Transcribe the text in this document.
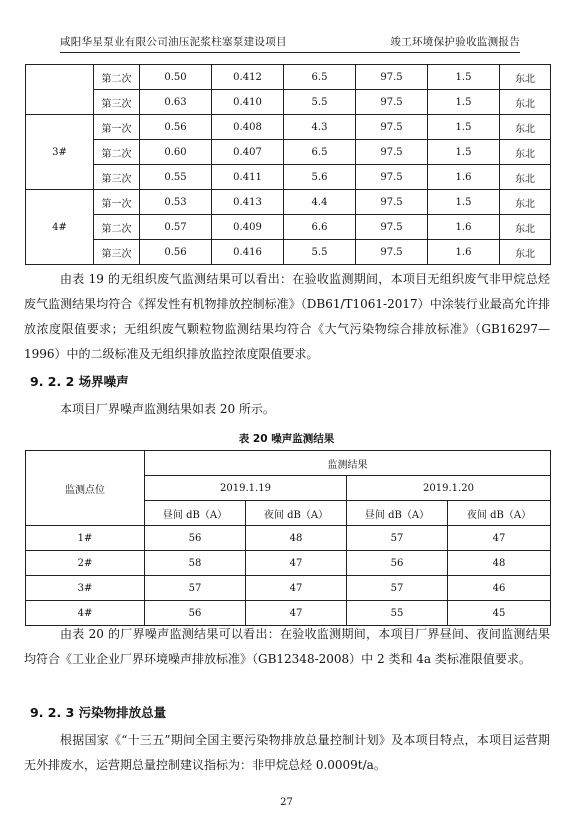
咸阳华星泵业有限公司油压泥浆柱塞泵建设项目	竣工环境保护验收监测报告
	第二次	0.50	0.412	6.5	97.5	1.5	东北
	第三次	0.63	0.410	5.5	97.5	1.5	东北
3#	第一次	0.56	0.408	4.3	97.5	1.5	东北
	第二次	0.60	0.407	6.5	97.5	1.5	东北
	第三次	0.55	0.411	5.6	97.5	1.6	东北
4#	第一次	0.53	0.413	4.4	97.5	1.5	东北
	第二次	0.57	0.409	6.6	97.5	1.6	东北
	第三次	0.56	0.416	5.5	97.5	1.6	东北

由表 19 的无组织废气监测结果可以看出：在验收监测期间，本项目无组织废气非甲烷总烃废气监测结果均符合《挥发性有机物排放控制标准》（DB61/T1061-2017）中涂装行业最高允许排放浓度限值要求；无组织废气颗粒物监测结果均符合《大气污染物综合排放标准》（GB16297—1996）中的二级标准及无组织排放监控浓度限值要求。

9. 2. 2 场界噪声

本项目厂界噪声监测结果如表 20 所示。

表 20 噪声监测结果
监测点位	监测结果			
	2019.1.19		2019.1.20	
	昼间 dB（A）	夜间 dB（A）	昼间 dB（A）	夜间 dB（A）
1#	56	48	57	47
2#	58	47	56	48
3#	57	47	57	46
4#	56	47	55	45

由表 20 的厂界噪声监测结果可以看出：在验收监测期间，本项目厂界昼间、夜间监测结果均符合《工业企业厂界环境噪声排放标准》（GB12348-2008）中 2 类和 4a 类标准限值要求。

9. 2. 3 污染物排放总量

根据国家《“十三五”期间全国主要污染物排放总量控制计划》及本项目特点，本项目运营期无外排废水，运营期总量控制建议指标为：非甲烷总烃 0.0009t/a。

27
